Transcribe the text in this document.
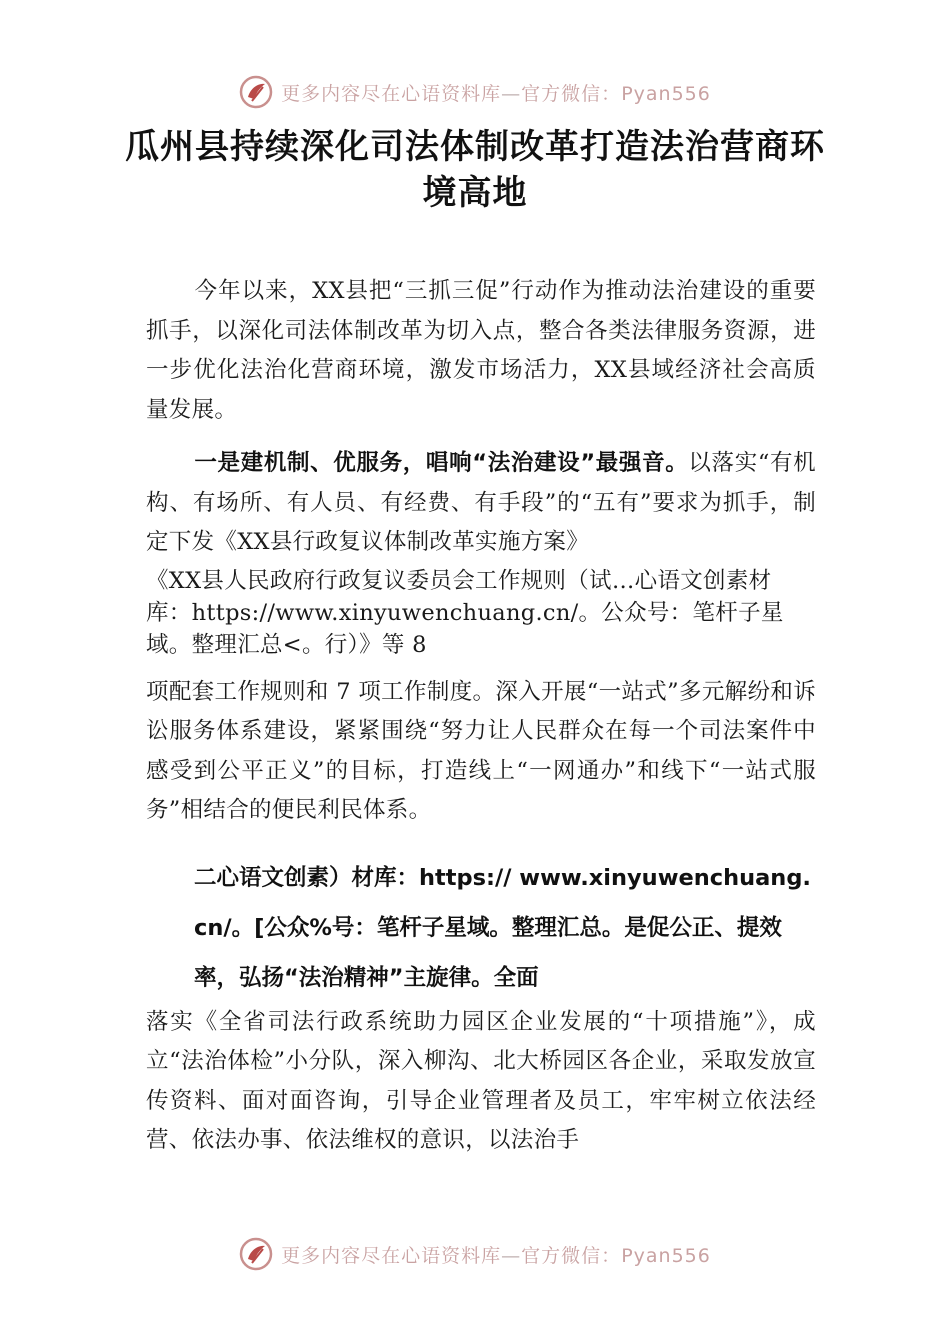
更多内容尽在心语资料库—官方微信：Pyan556
瓜州县持续深化司法体制改革打造法治营商环境高地

今年以来，XX县把“三抓三促”行动作为推动法治建设的重要抓手，以深化司法体制改革为切入点，整合各类法律服务资源，进一步优化法治化营商环境，激发市场活力，XX县域经济社会高质量发展。

一是建机制、优服务，唱响“法治建设”最强音。以落实“有机构、有场所、有人员、有经费、有手段”的“五有”要求为抓手，制定下发《XX县行政复议体制改革实施方案》

《XX县人民政府行政复议委员会工作规则（试…心语文创素材库：https://www.xinyuwenchuang.cn/。公众号：笔杆子星域。整理汇总<。行）》等 8

项配套工作规则和 7 项工作制度。深入开展“一站式”多元解纷和诉讼服务体系建设，紧紧围绕“努力让人民群众在每一个司法案件中感受到公平正义”的目标，打造线上“一网通办”和线下“一站式服务”相结合的便民利民体系。

二心语文创素）材库：https:// www.xinyuwenchuang.cn/。[公众%号：笔杆子星域。整理汇总。是促公正、提效率，弘扬“法治精神”主旋律。全面

落实《全省司法行政系统助力园区企业发展的“十项措施”》，成立“法治体检”小分队，深入柳沟、北大桥园区各企业，采取发放宣传资料、面对面咨询，引导企业管理者及员工，牢牢树立依法经营、依法办事、依法维权的意识，以法治手

更多内容尽在心语资料库—官方微信：Pyan556
